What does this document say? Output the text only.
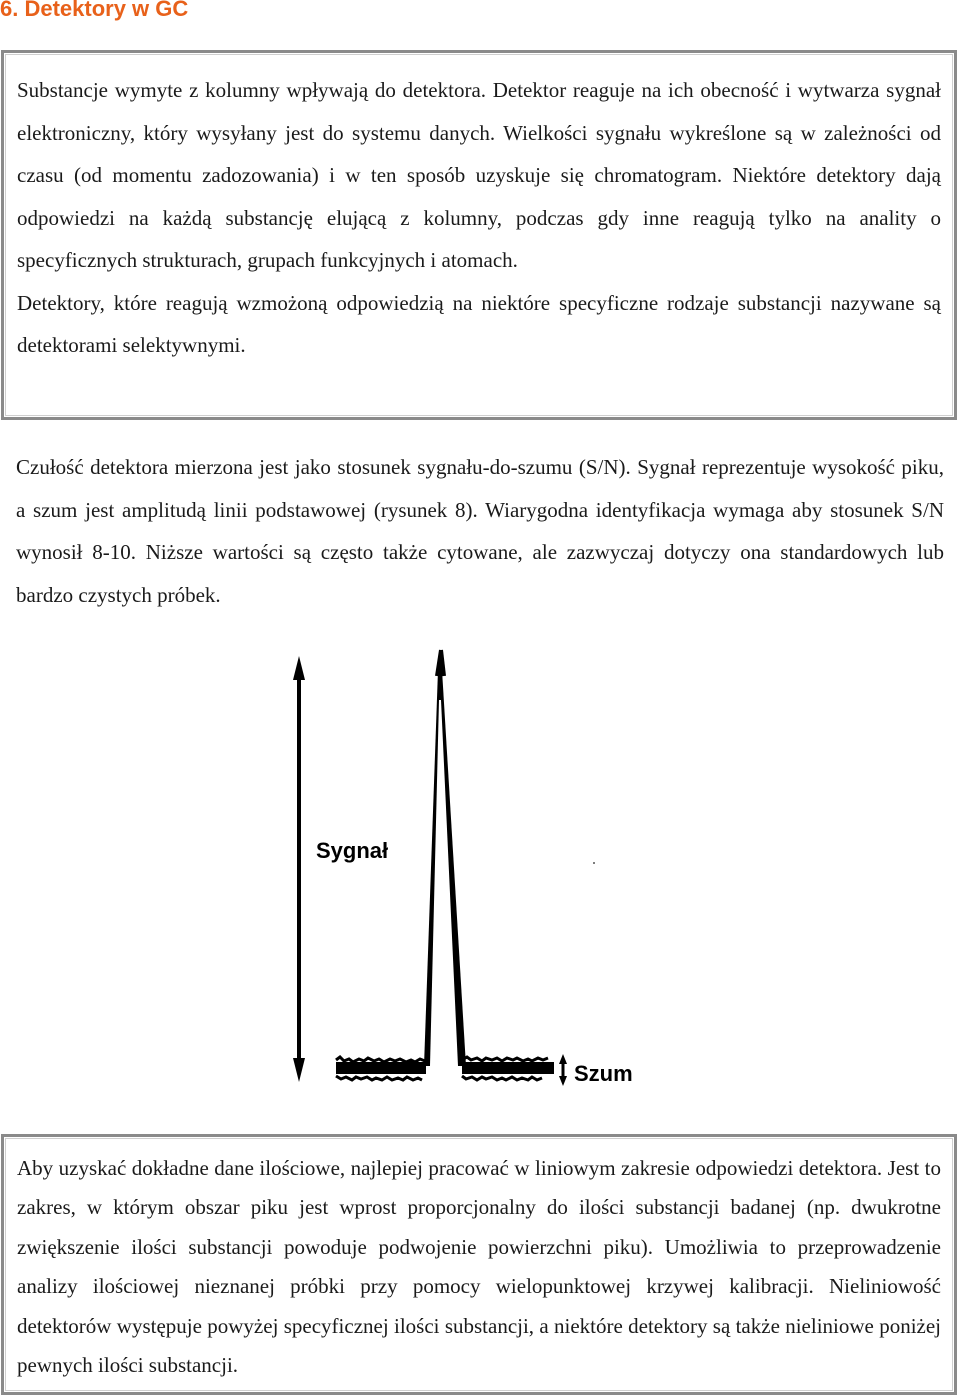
6. Detektory w GC

Substancje wymyte z kolumny wpływają do detektora. Detektor reaguje na ich obecność i wytwarza sygnał elektroniczny, który wysyłany jest do systemu danych. Wielkości sygnału wykreślone są w zależności od czasu (od momentu zadozowania) i w ten sposób uzyskuje się chromatogram. Niektóre detektory dają odpowiedzi na każdą substancję elującą z kolumny, podczas gdy inne reagują tylko na anality o specyficznych strukturach, grupach funkcyjnych i atomach.

Detektory, które reagują wzmożoną odpowiedzią na niektóre specyficzne rodzaje substancji nazywane są detektorami selektywnymi.

Czułość detektora mierzona jest jako stosunek sygnału-do-szumu (S/N). Sygnał reprezentuje wysokość piku, a szum jest amplitudą linii podstawowej (rysunek 8). Wiarygodna identyfikacja wymaga aby stosunek S/N wynosił 8-10. Niższe wartości są często także cytowane, ale zazwyczaj dotyczy ona standardowych lub bardzo czystych próbek.

Sygnał
Szum

Aby uzyskać dokładne dane ilościowe, najlepiej pracować w liniowym zakresie odpowiedzi detektora. Jest to zakres, w którym obszar piku jest wprost proporcjonalny do ilości substancji badanej (np. dwukrotne zwiększenie ilości substancji powoduje podwojenie powierzchni piku). Umożliwia to przeprowadzenie analizy ilościowej nieznanej próbki przy pomocy wielopunktowej krzywej kalibracji. Nieliniowość detektorów występuje powyżej specyficznej ilości substancji, a niektóre detektory są także nieliniowe poniżej pewnych ilości substancji.
